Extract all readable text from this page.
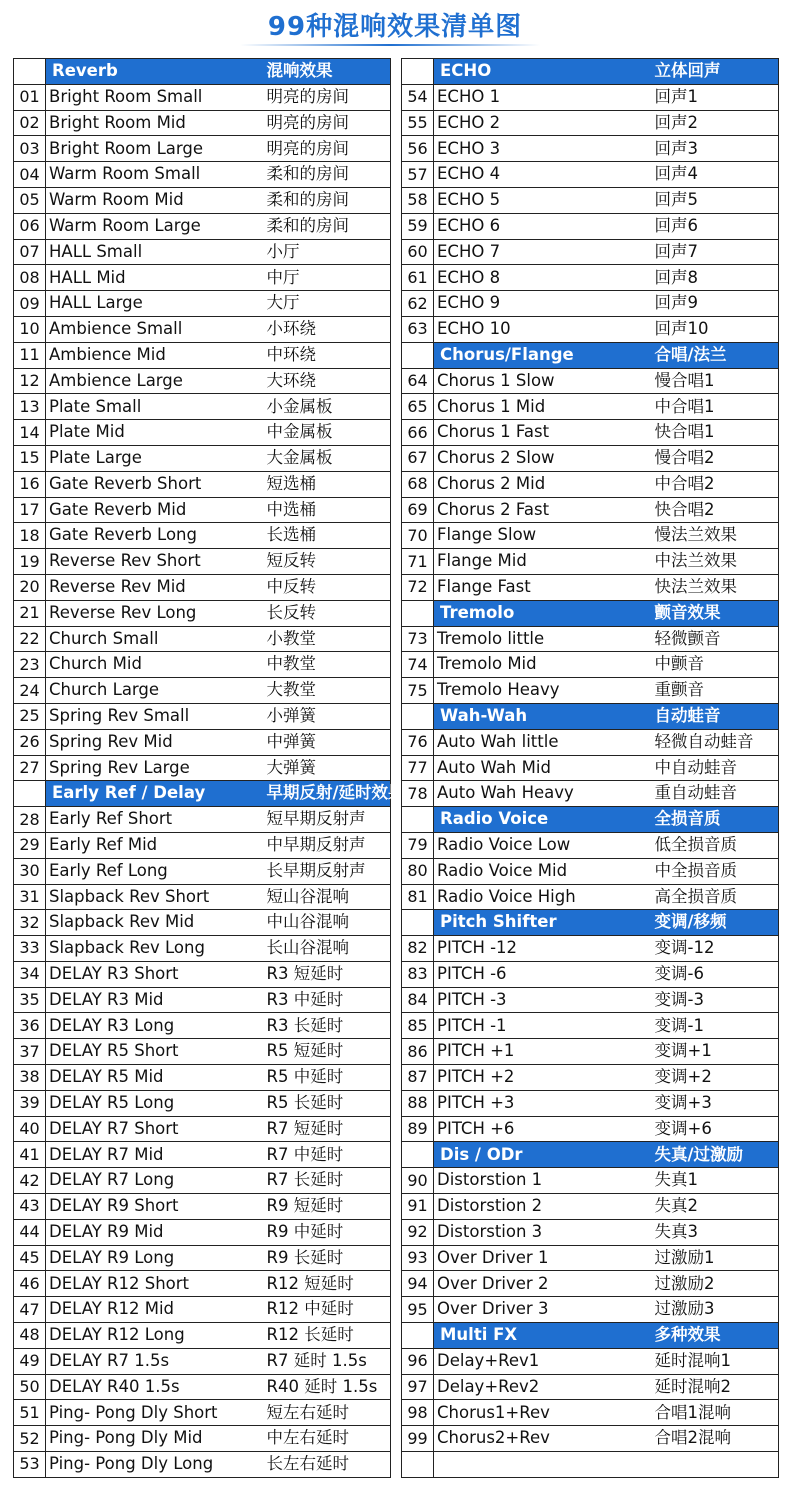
99种混响效果清单图
	Reverb	混响效果
01	Bright Room Small	明亮的房间
02	Bright Room Mid	明亮的房间
03	Bright Room Large	明亮的房间
04	Warm Room Small	柔和的房间
05	Warm Room Mid	柔和的房间
06	Warm Room Large	柔和的房间
07	HALL Small	小厅
08	HALL Mid	中厅
09	HALL Large	大厅
10	Ambience Small	小环绕
11	Ambience Mid	中环绕
12	Ambience Large	大环绕
13	Plate Small	小金属板
14	Plate Mid	中金属板
15	Plate Large	大金属板
16	Gate Reverb Short	短选桶
17	Gate Reverb Mid	中选桶
18	Gate Reverb Long	长选桶
19	Reverse Rev Short	短反转
20	Reverse Rev Mid	中反转
21	Reverse Rev Long	长反转
22	Church Small	小教堂
23	Church Mid	中教堂
24	Church Large	大教堂
25	Spring Rev Small	小弹簧
26	Spring Rev Mid	中弹簧
27	Spring Rev Large	大弹簧
	Early Ref / Delay	早期反射/延时效果
28	Early Ref Short	短早期反射声
29	Early Ref Mid	中早期反射声
30	Early Ref Long	长早期反射声
31	Slapback Rev Short	短山谷混响
32	Slapback Rev Mid	中山谷混响
33	Slapback Rev Long	长山谷混响
34	DELAY R3 Short	R3 短延时
35	DELAY R3 Mid	R3 中延时
36	DELAY R3 Long	R3 长延时
37	DELAY R5 Short	R5 短延时
38	DELAY R5 Mid	R5 中延时
39	DELAY R5 Long	R5 长延时
40	DELAY R7 Short	R7 短延时
41	DELAY R7 Mid	R7 中延时
42	DELAY R7 Long	R7 长延时
43	DELAY R9 Short	R9 短延时
44	DELAY R9 Mid	R9 中延时
45	DELAY R9 Long	R9 长延时
46	DELAY R12 Short	R12 短延时
47	DELAY R12 Mid	R12 中延时
48	DELAY R12 Long	R12 长延时
49	DELAY R7 1.5s	R7 延时 1.5s
50	DELAY R40 1.5s	R40 延时 1.5s
51	Ping- Pong Dly Short	短左右延时
52	Ping- Pong Dly Mid	中左右延时
53	Ping- Pong Dly Long	长左右延时
	ECHO	立体回声
54	ECHO 1	回声1
55	ECHO 2	回声2
56	ECHO 3	回声3
57	ECHO 4	回声4
58	ECHO 5	回声5
59	ECHO 6	回声6
60	ECHO 7	回声7
61	ECHO 8	回声8
62	ECHO 9	回声9
63	ECHO 10	回声10
	Chorus/Flange	合唱/法兰
64	Chorus 1 Slow	慢合唱1
65	Chorus 1 Mid	中合唱1
66	Chorus 1 Fast	快合唱1
67	Chorus 2 Slow	慢合唱2
68	Chorus 2 Mid	中合唱2
69	Chorus 2 Fast	快合唱2
70	Flange Slow	慢法兰效果
71	Flange Mid	中法兰效果
72	Flange Fast	快法兰效果
	Tremolo	颤音效果
73	Tremolo little	轻微颤音
74	Tremolo Mid	中颤音
75	Tremolo Heavy	重颤音
	Wah-Wah	自动蛙音
76	Auto Wah little	轻微自动蛙音
77	Auto Wah Mid	中自动蛙音
78	Auto Wah Heavy	重自动蛙音
	Radio Voice	全损音质
79	Radio Voice Low	低全损音质
80	Radio Voice Mid	中全损音质
81	Radio Voice High	高全损音质
	Pitch Shifter	变调/移频
82	PITCH -12	变调-12
83	PITCH -6	变调-6
84	PITCH -3	变调-3
85	PITCH -1	变调-1
86	PITCH +1	变调+1
87	PITCH +2	变调+2
88	PITCH +3	变调+3
89	PITCH +6	变调+6
	Dis / ODr	失真/过激励
90	Distorstion 1	失真1
91	Distorstion 2	失真2
92	Distorstion 3	失真3
93	Over Driver 1	过激励1
94	Over Driver 2	过激励2
95	Over Driver 3	过激励3
	Multi FX	多种效果
96	Delay+Rev1	延时混响1
97	Delay+Rev2	延时混响2
98	Chorus1+Rev	合唱1混响
99	Chorus2+Rev	合唱2混响
